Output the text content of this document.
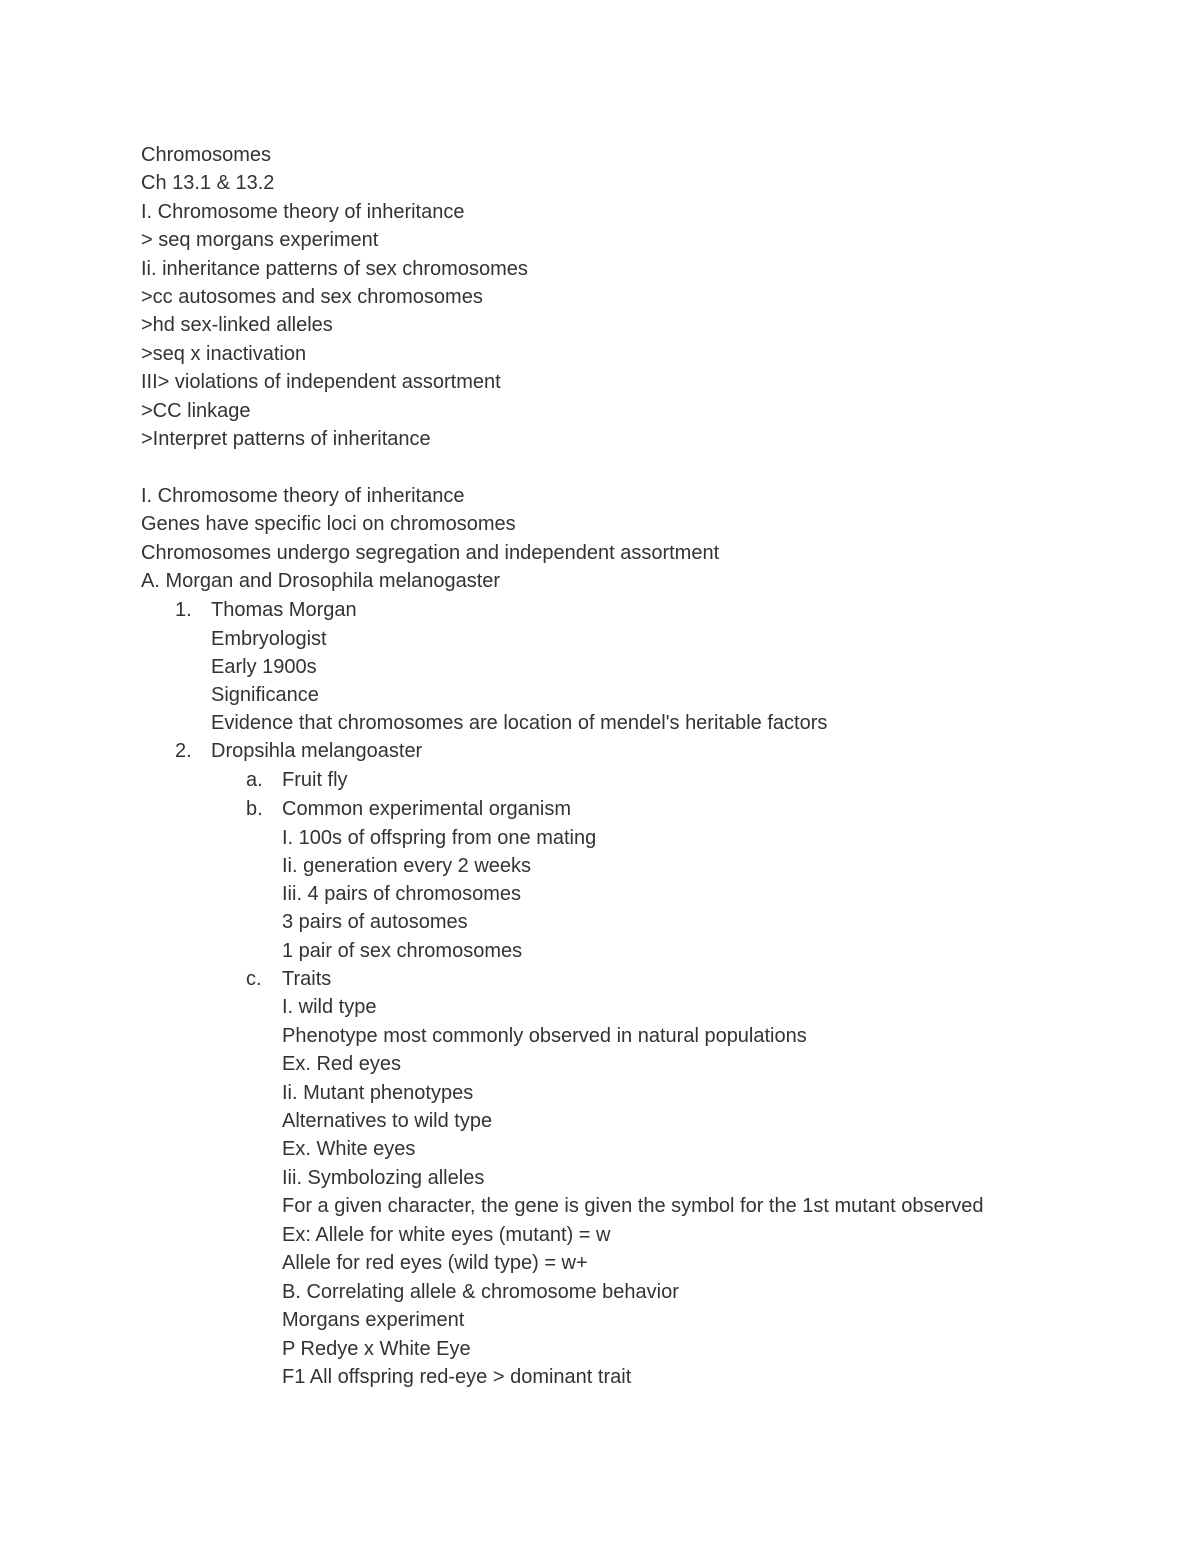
Chromosomes
Ch 13.1 & 13.2
I. Chromosome theory of inheritance
> seq morgans experiment
Ii. inheritance patterns of sex chromosomes
>cc autosomes and sex chromosomes
>hd sex-linked alleles
>seq x inactivation
III> violations of independent assortment
>CC linkage
>Interpret patterns of inheritance
I. Chromosome theory of inheritance
Genes have specific loci on chromosomes
Chromosomes undergo segregation and independent assortment
A. Morgan and Drosophila melanogaster
1. Thomas Morgan
Embryologist
Early 1900s
Significance
Evidence that chromosomes are location of mendel's heritable factors
2. Dropsihla melangoaster
a. Fruit fly
b. Common experimental organism
I. 100s of offspring from one mating
Ii. generation every 2 weeks
Iii. 4 pairs of chromosomes
3 pairs of autosomes
1 pair of sex chromosomes
c. Traits
I. wild type
Phenotype most commonly observed in natural populations
Ex. Red eyes
Ii. Mutant phenotypes
Alternatives to wild type
Ex. White eyes
Iii. Symbolozing alleles
For a given character, the gene is given the symbol for the 1st mutant observed
Ex: Allele for white eyes (mutant) = w
Allele for red eyes (wild type) = w+
B. Correlating allele & chromosome behavior
Morgans experiment
P Redye x White Eye
F1 All offspring red-eye > dominant trait
